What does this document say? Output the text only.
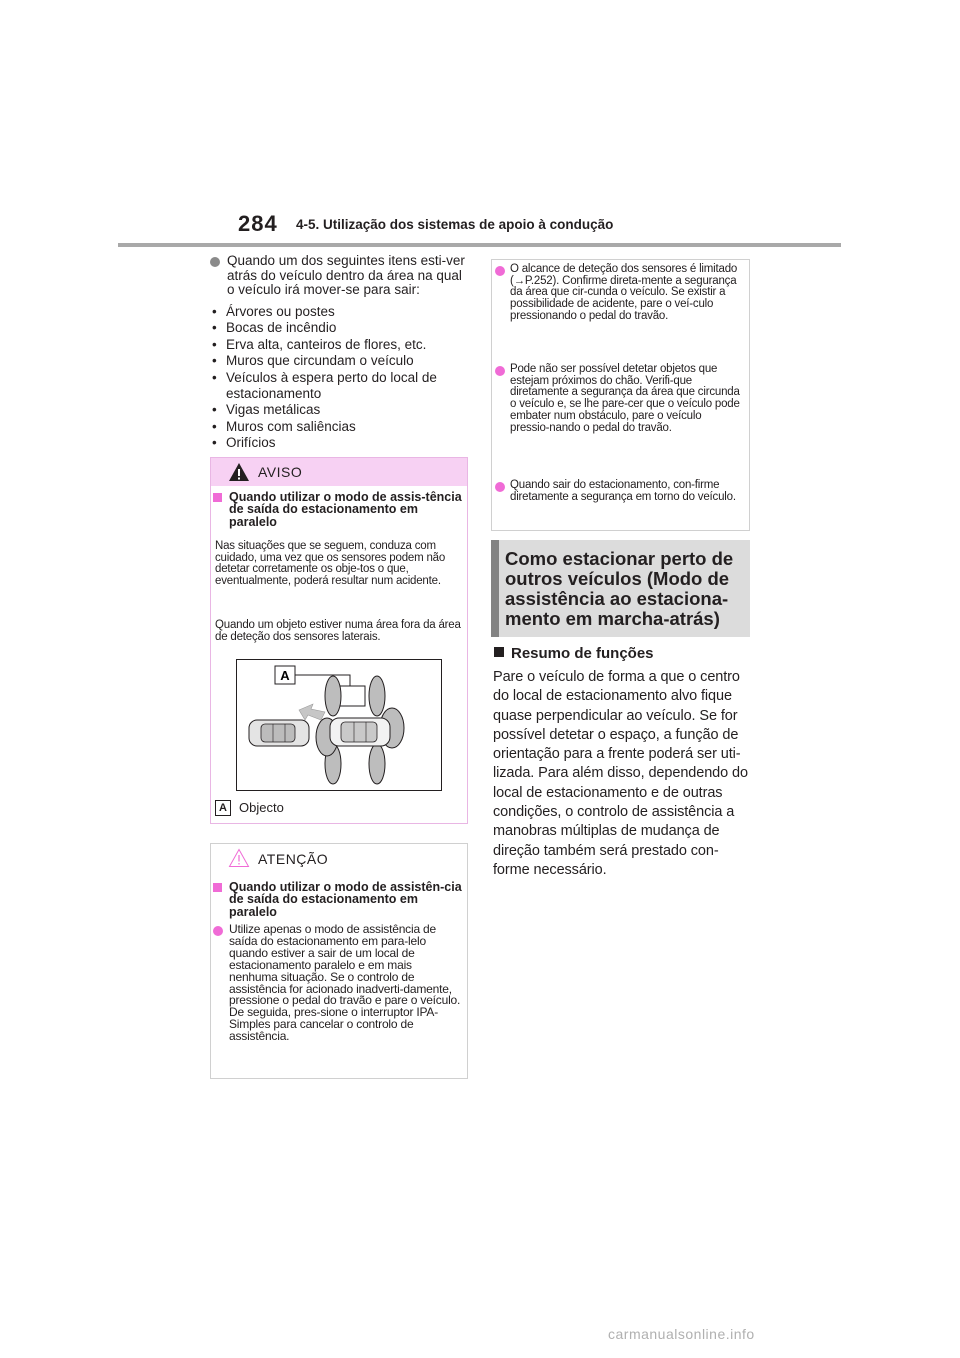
284 4-5. Utilização dos sistemas de apoio à condução
Quando um dos seguintes itens esti-ver atrás do veículo dentro da área na qual o veículo irá mover-se para sair:
• Árvores ou postes
• Bocas de incêndio
• Erva alta, canteiros de flores, etc.
• Muros que circundam o veículo
• Veículos à espera perto do local de estacionamento
• Vigas metálicas
• Muros com saliências
• Orifícios
AVISO
Quando utilizar o modo de assis-tência de saída do estacionamento em paralelo
Nas situações que se seguem, conduza com cuidado, uma vez que os sensores podem não detetar corretamente os obje-tos o que, eventualmente, poderá resultar num acidente.
Quando um objeto estiver numa área fora da área de deteção dos sensores laterais.
A
A Objecto
ATENÇÃO
Quando utilizar o modo de assistên-cia de saída do estacionamento em paralelo
Utilize apenas o modo de assistência de saída do estacionamento em para-lelo quando estiver a sair de um local de estacionamento paralelo e em mais nenhuma situação. Se o controlo de assistência for acionado inadverti-damente, pressione o pedal do travão e pare o veículo. De seguida, pres-sione o interruptor IPA-Simples para cancelar o controlo de assistência.
O alcance de deteção dos sensores é limitado (→P.252). Confirme direta-mente a segurança da área que cir-cunda o veículo. Se existir a possibilidade de acidente, pare o veí-culo pressionando o pedal do travão.
Pode não ser possível detetar objetos que estejam próximos do chão. Verifi-que diretamente a segurança da área que circunda o veículo e, se lhe pare-cer que o veículo pode embater num obstáculo, pare o veículo pressio-nando o pedal do travão.
Quando sair do estacionamento, con-firme diretamente a segurança em torno do veículo.
Como estacionar perto de outros veículos (Modo de assistência ao estaciona-mento em marcha-atrás)
Resumo de funções
Pare o veículo de forma a que o centro do local de estacionamento alvo fique quase perpendicular ao veículo. Se for possível detetar o espaço, a função de orientação para a frente poderá ser uti-lizada. Para além disso, dependendo do local de estacionamento e de outras condições, o controlo de assistência a manobras múltiplas de mudança de direção também será prestado con-forme necessário.
carmanualsonline.info
